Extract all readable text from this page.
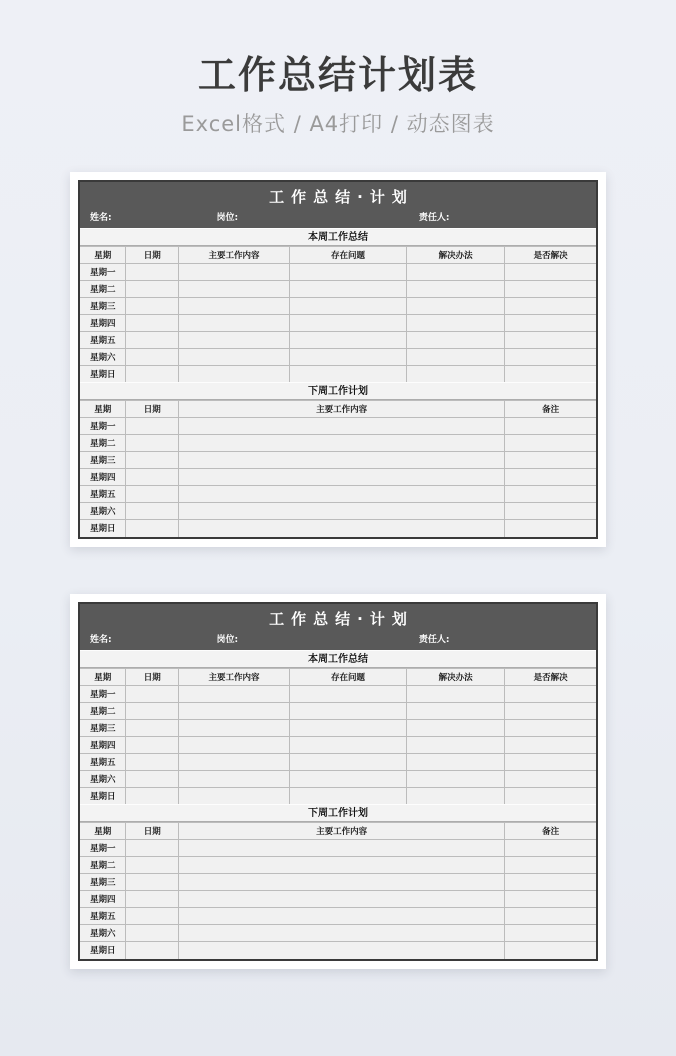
工作总结计划表
Excel格式 / A4打印 / 动态图表
工作总结·计划
姓名:	岗位:	责任人:
本周工作总结
星期	日期	主要工作内容	存在问题	解决办法	是否解决
星期一					
星期二					
星期三					
星期四					
星期五					
星期六					
星期日					
下周工作计划
星期	日期	主要工作内容	备注
星期一			
星期二			
星期三			
星期四			
星期五			
星期六			
星期日			
工作总结·计划
姓名:	岗位:	责任人:
本周工作总结
星期	日期	主要工作内容	存在问题	解决办法	是否解决
星期一					
星期二					
星期三					
星期四					
星期五					
星期六					
星期日					
下周工作计划
星期	日期	主要工作内容	备注
星期一			
星期二			
星期三			
星期四			
星期五			
星期六			
星期日			
